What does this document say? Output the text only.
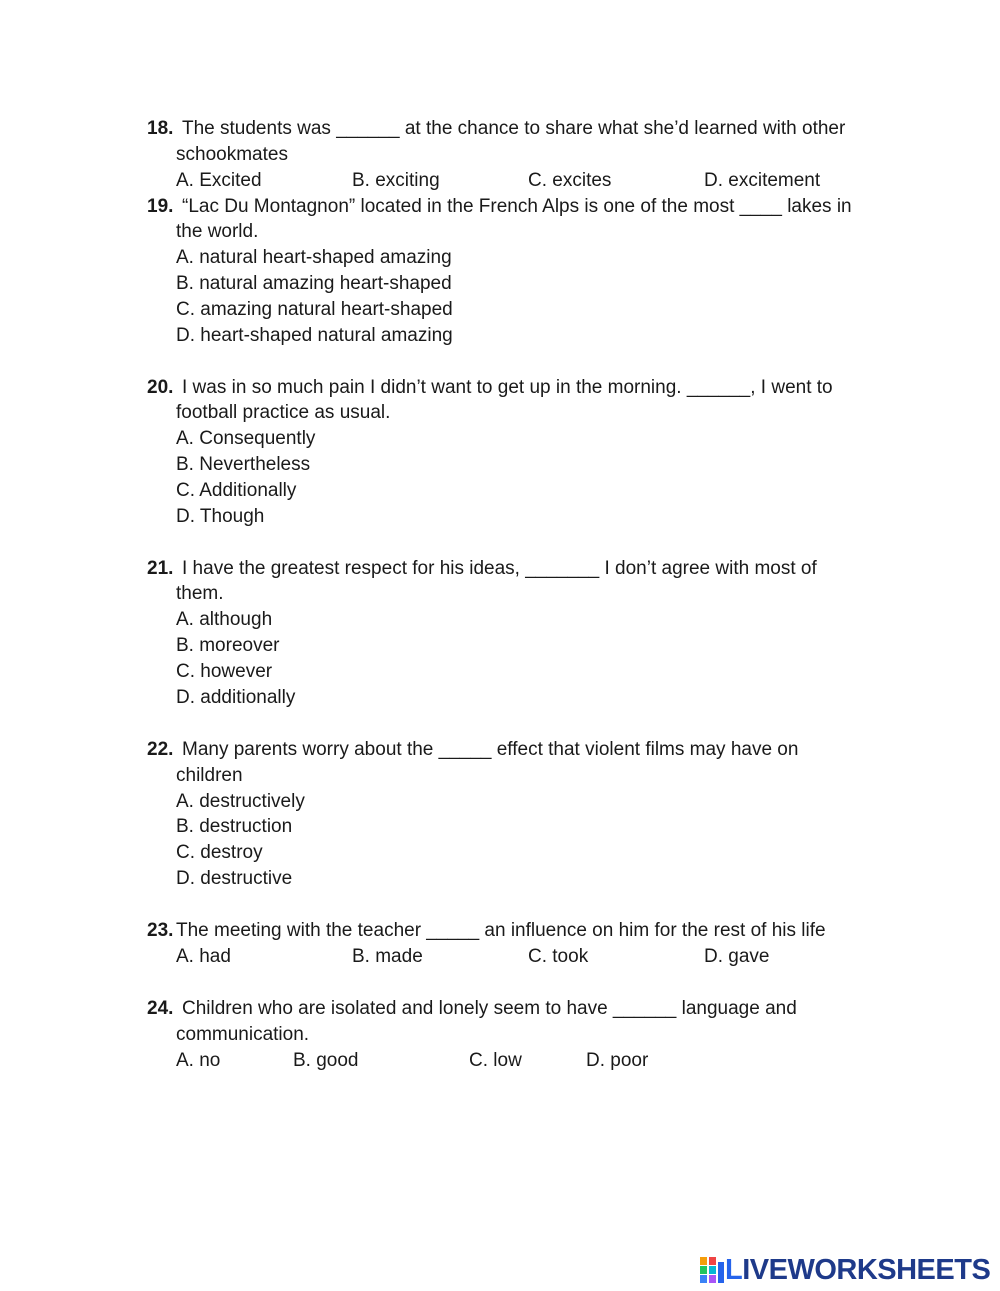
18. The students was ______ at the chance to share what she’d learned with other
schookmates
A. Excited	B. exciting	C. excites	D. excitement
19. “Lac Du Montagnon” located in the French Alps is one of the most ____ lakes in
the world.
A. natural heart-shaped amazing
B. natural amazing heart-shaped
C. amazing natural heart-shaped
D. heart-shaped natural amazing
20. I was in so much pain I didn’t want to get up in the morning. ______, I went to
football practice as usual.
A. Consequently
B. Nevertheless
C. Additionally
D. Though
21. I have the greatest respect for his ideas, _______ I don’t agree with most of
them.
A. although
B. moreover
C. however
D. additionally
22. Many parents worry about the _____ effect that violent films may have on
children
A. destructively
B. destruction
C. destroy
D. destructive
23. The meeting with the teacher _____ an influence on him for the rest of his life
A. had	B. made	C. took	D. gave
24. Children who are isolated and lonely seem to have ______ language and
communication.
A. no	B. good	C. low	D. poor
LIVEWORKSHEETS
